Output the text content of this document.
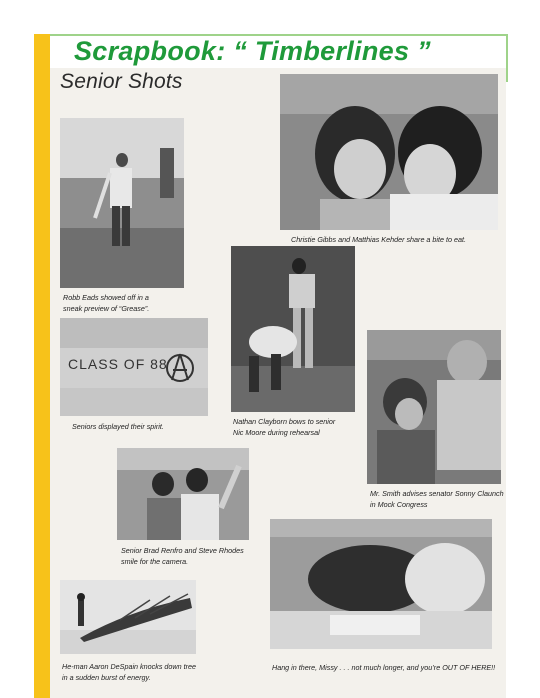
Scrapbook: “ Timberlines ”
Senior Shots
Robb Eads showed off in a
sneak preview of “Grease”.
Christie Gibbs and Matthias Kehder share a bite to eat.
CLASS OF 88
Seniors displayed their spirit.
Nathan Clayborn bows to senior
Nic Moore during rehearsal
Mr. Smith advises senator Sonny Claunch
in Mock Congress
Senior Brad Renfro and Steve Rhodes
smile for the camera.
He-man Aaron DeSpain knocks down tree
in a sudden burst of energy.
Hang in there, Missy . . . not much longer, and you’re OUT OF HERE!!
